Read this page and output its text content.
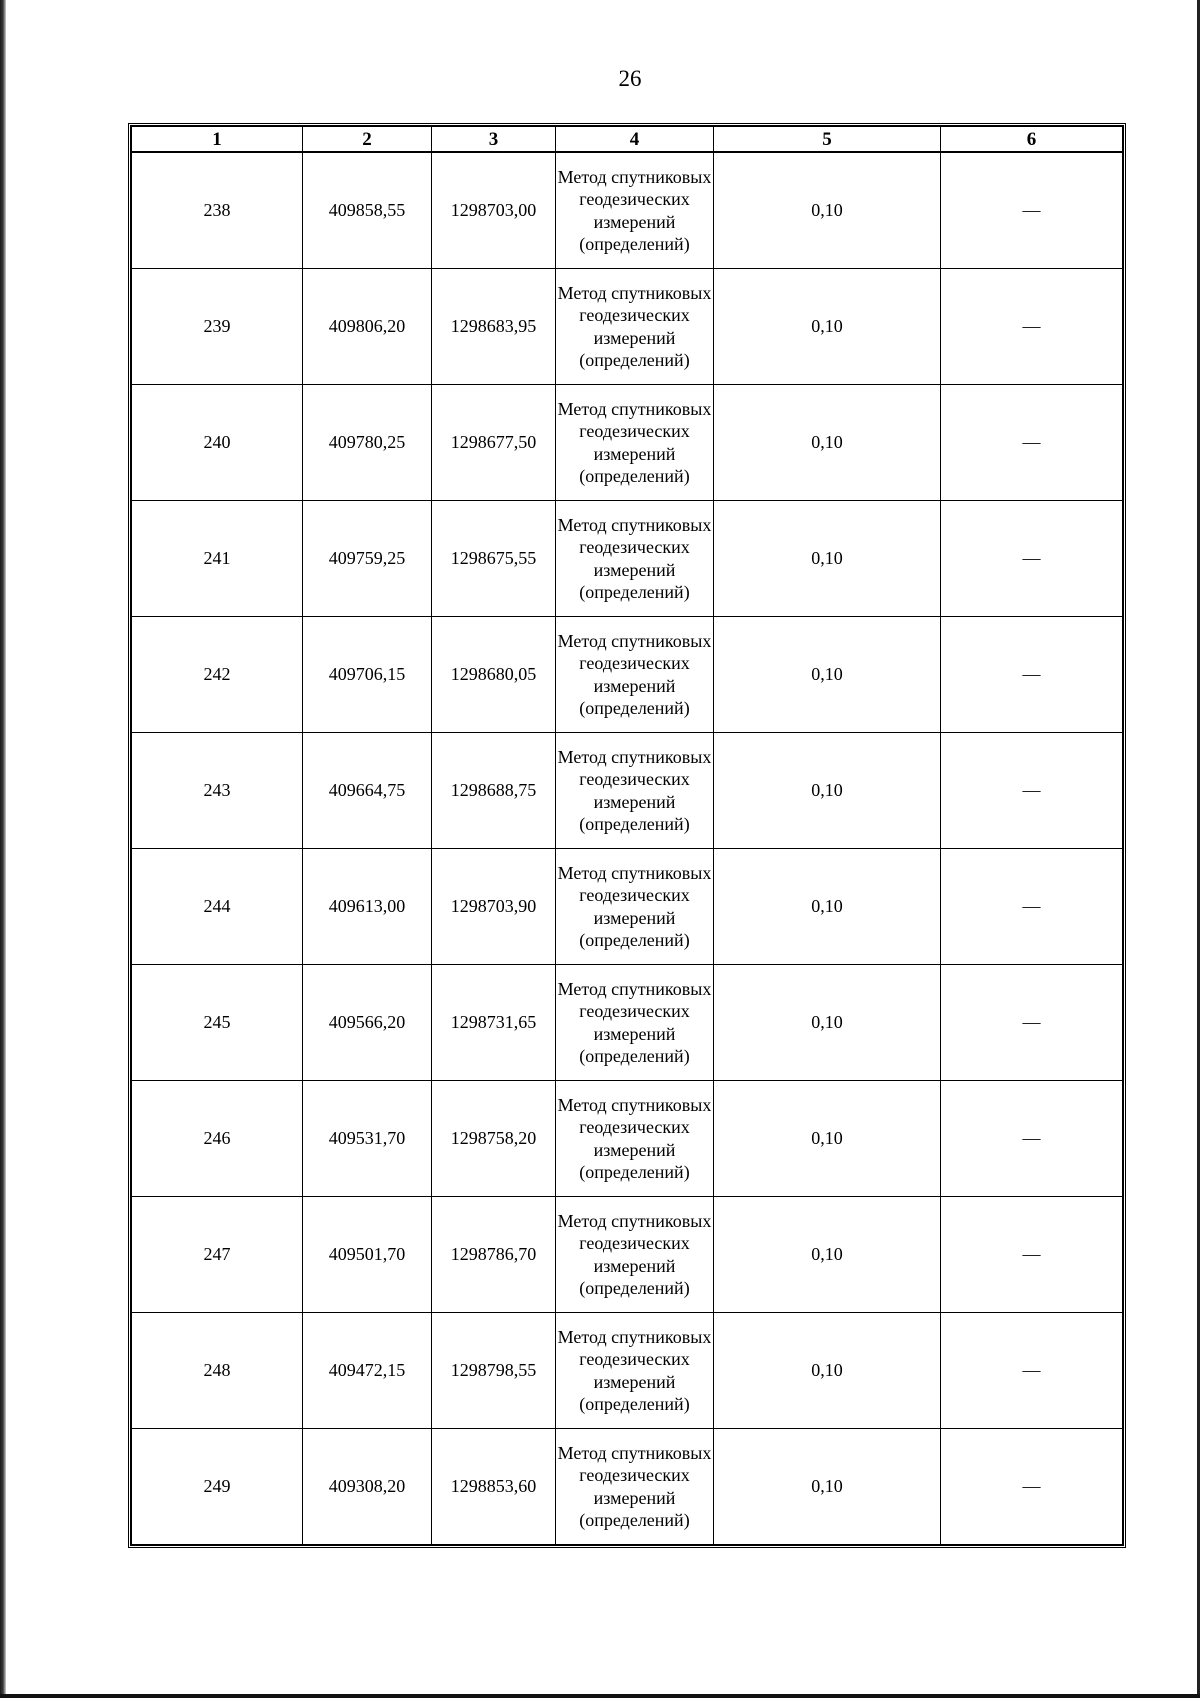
26
1	2	3	4	5	6
238	409858,55	1298703,00	Метод спутниковых геодезических измерений (определений)	0,10	—
239	409806,20	1298683,95	Метод спутниковых геодезических измерений (определений)	0,10	—
240	409780,25	1298677,50	Метод спутниковых геодезических измерений (определений)	0,10	—
241	409759,25	1298675,55	Метод спутниковых геодезических измерений (определений)	0,10	—
242	409706,15	1298680,05	Метод спутниковых геодезических измерений (определений)	0,10	—
243	409664,75	1298688,75	Метод спутниковых геодезических измерений (определений)	0,10	—
244	409613,00	1298703,90	Метод спутниковых геодезических измерений (определений)	0,10	—
245	409566,20	1298731,65	Метод спутниковых геодезических измерений (определений)	0,10	—
246	409531,70	1298758,20	Метод спутниковых геодезических измерений (определений)	0,10	—
247	409501,70	1298786,70	Метод спутниковых геодезических измерений (определений)	0,10	—
248	409472,15	1298798,55	Метод спутниковых геодезических измерений (определений)	0,10	—
249	409308,20	1298853,60	Метод спутниковых геодезических измерений (определений)	0,10	—
